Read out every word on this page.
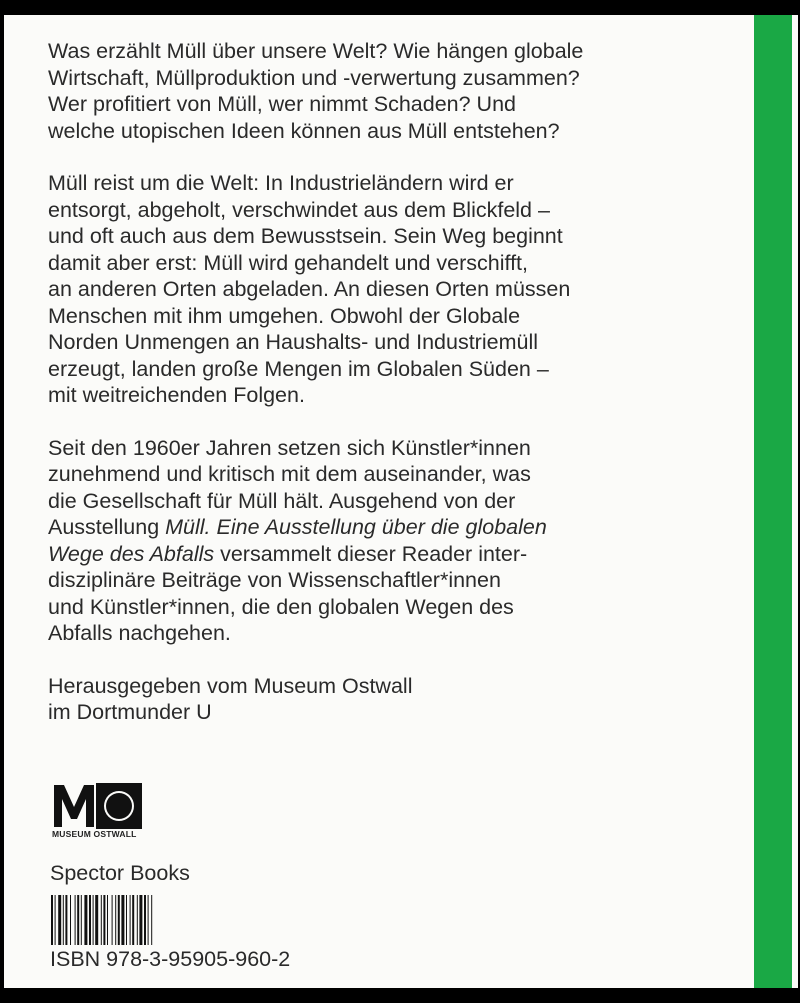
Was erzählt Müll über unsere Welt? Wie hängen globale
Wirtschaft, Müllproduktion und -verwertung zusammen?
Wer profitiert von Müll, wer nimmt Schaden? Und
welche utopischen Ideen können aus Müll entstehen?

Müll reist um die Welt: In Industrieländern wird er
entsorgt, abgeholt, verschwindet aus dem Blickfeld –
und oft auch aus dem Bewusstsein. Sein Weg beginnt
damit aber erst: Müll wird gehandelt und verschifft,
an anderen Orten abgeladen. An diesen Orten müssen
Menschen mit ihm umgehen. Obwohl der Globale
Norden Unmengen an Haushalts- und Industriemüll
erzeugt, landen große Mengen im Globalen Süden –
mit weitreichenden Folgen.

Seit den 1960er Jahren setzen sich Künstler*innen
zunehmend und kritisch mit dem auseinander, was
die Gesellschaft für Müll hält. Ausgehend von der
Ausstellung Müll. Eine Ausstellung über die globalen
Wege des Abfalls versammelt dieser Reader inter-
disziplinäre Beiträge von Wissenschaftler*innen
und Künstler*innen, die den globalen Wegen des
Abfalls nachgehen.

Herausgegeben vom Museum Ostwall
im Dortmunder U

MUSEUM OSTWALL
Spector Books
ISBN 978-3-95905-960-2
